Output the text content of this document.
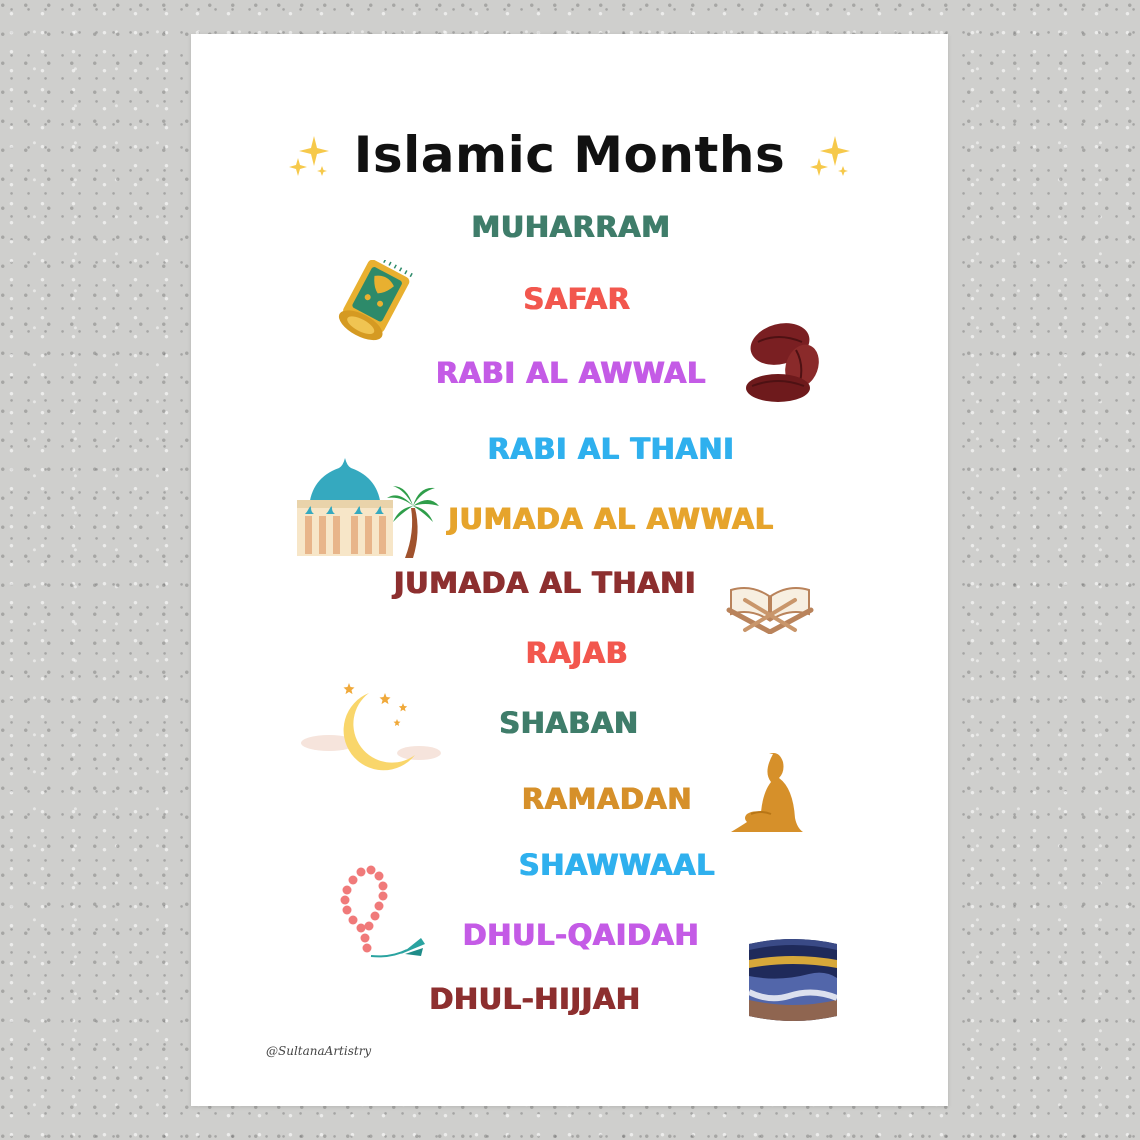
Islamic Months
MUHARRAM
SAFAR
RABI AL AWWAL
RABI AL THANI
JUMADA AL AWWAL
JUMADA AL THANI
RAJAB
SHABAN
RAMADAN
SHAWWAAL
DHUL-QAIDAH
DHUL-HIJJAH
@SultanaArtistry
